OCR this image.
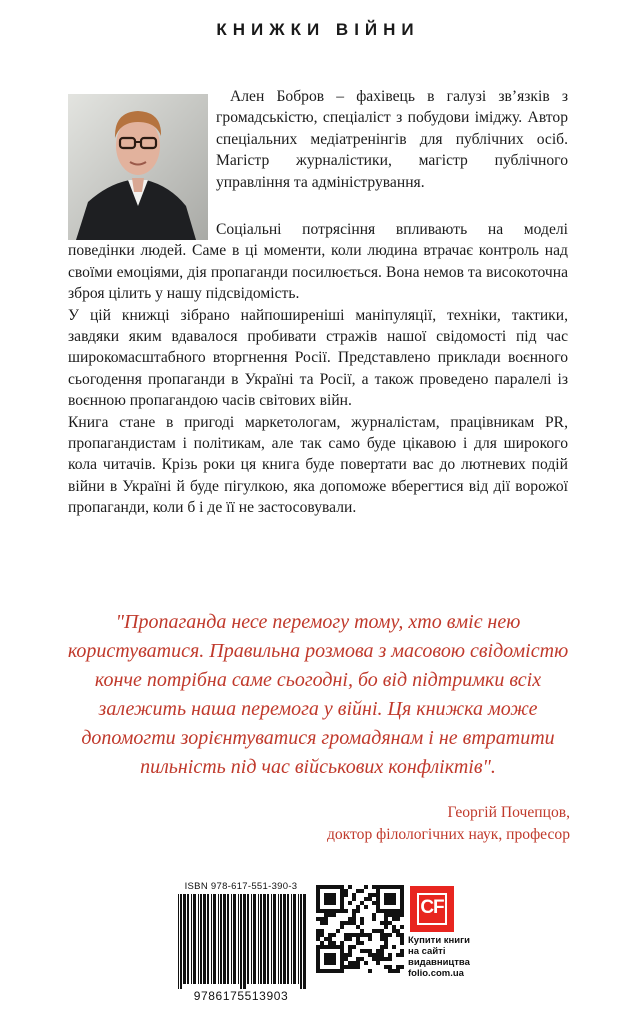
КНИЖКИ ВІЙНИ

Ален Бобров – фахівець в галузі зв’язків з громадськістю, спеціаліст з побудови іміджу. Автор спеціальних медіатренінгів для публічних осіб. Магістр журналістики, магістр публічного управління та адміністрування.

Соціальні потрясіння впливають на моделі поведінки людей. Саме в ці моменти, коли людина втрачає контроль над своїми емоціями, дія пропаганди посилюється. Вона немов та високоточна зброя цілить у нашу підсвідомість.

У цій книжці зібрано найпоширеніші маніпуляції, техніки, тактики, завдяки яким вдавалося пробивати стражів нашої свідомості під час широкомасштабного вторгнення Росії. Представлено приклади воєнного сьогодення пропаганди в Україні та Росії, а також проведено паралелі із воєнною пропагандою часів світових війн.

Книга стане в пригоді маркетологам, журналістам, працівникам PR, пропагандистам і політикам, але так само буде цікавою і для широкого кола читачів. Крізь роки ця книга буде повертати вас до лютневих подій війни в Україні й буде пігулкою, яка допоможе вберегтися від дії ворожої пропаганди, коли б і де її не застосовували.

"Пропаганда несе перемогу тому, хто вміє нею користуватися. Правильна розмова з масовою свідомістю конче потрібна саме сьогодні, бо від підтримки всіх залежить наша перемога у війні. Ця книжка може допомогти зорієнтуватися громадянам і не втратити пильність під час військових конфліктів".

Георгій Почепцов,
доктор філологічних наук, професор
ISBN 978-617-551-390-3
9786175513903
CF
Купити книги
на сайті
видавництва
folio.com.ua
